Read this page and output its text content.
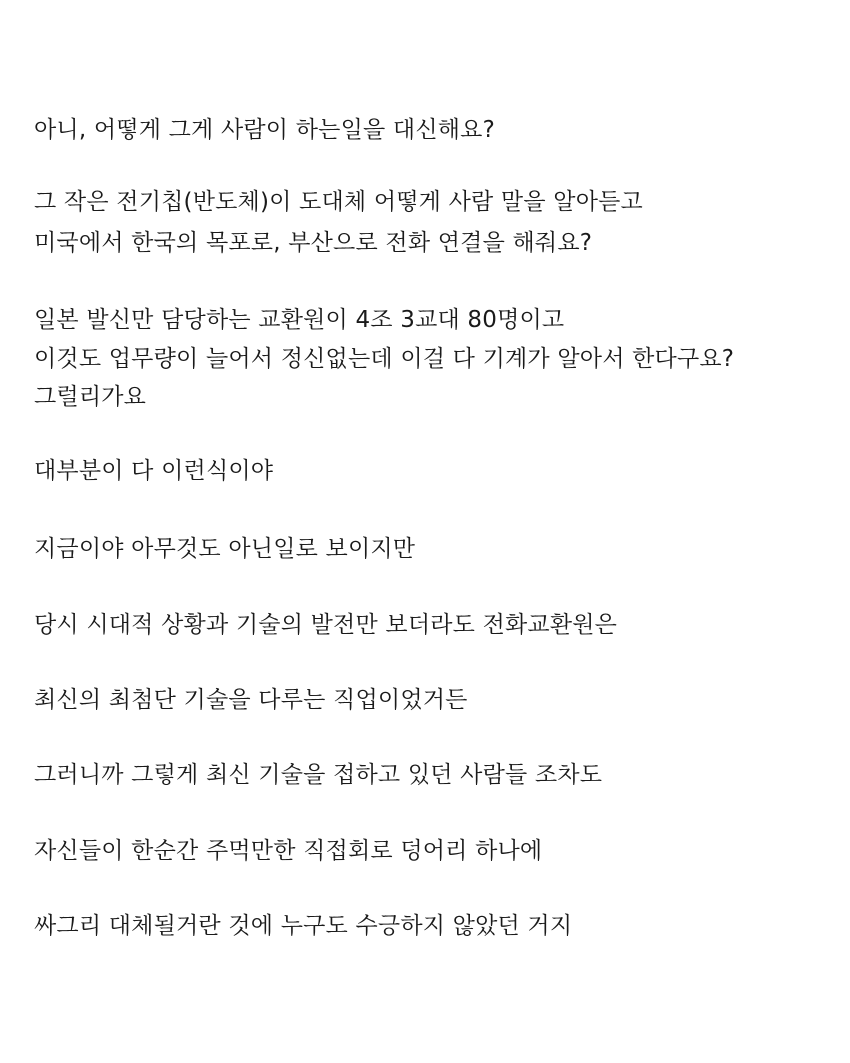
아니, 어떻게 그게 사람이 하는일을 대신해요?
그 작은 전기칩(반도체)이 도대체 어떻게 사람 말을 알아듣고
미국에서 한국의 목포로, 부산으로 전화 연결을 해줘요?
일본 발신만 담당하는 교환원이 4조 3교대 80명이고
이것도 업무량이 늘어서 정신없는데 이걸 다 기계가 알아서 한다구요?
그럴리가요
대부분이 다 이런식이야
지금이야 아무것도 아닌일로 보이지만
당시 시대적 상황과 기술의 발전만 보더라도 전화교환원은
최신의 최첨단 기술을 다루는 직업이었거든
그러니까 그렇게 최신 기술을 접하고 있던 사람들 조차도
자신들이 한순간 주먹만한 직접회로 덩어리 하나에
싸그리 대체될거란 것에 누구도 수긍하지 않았던 거지
